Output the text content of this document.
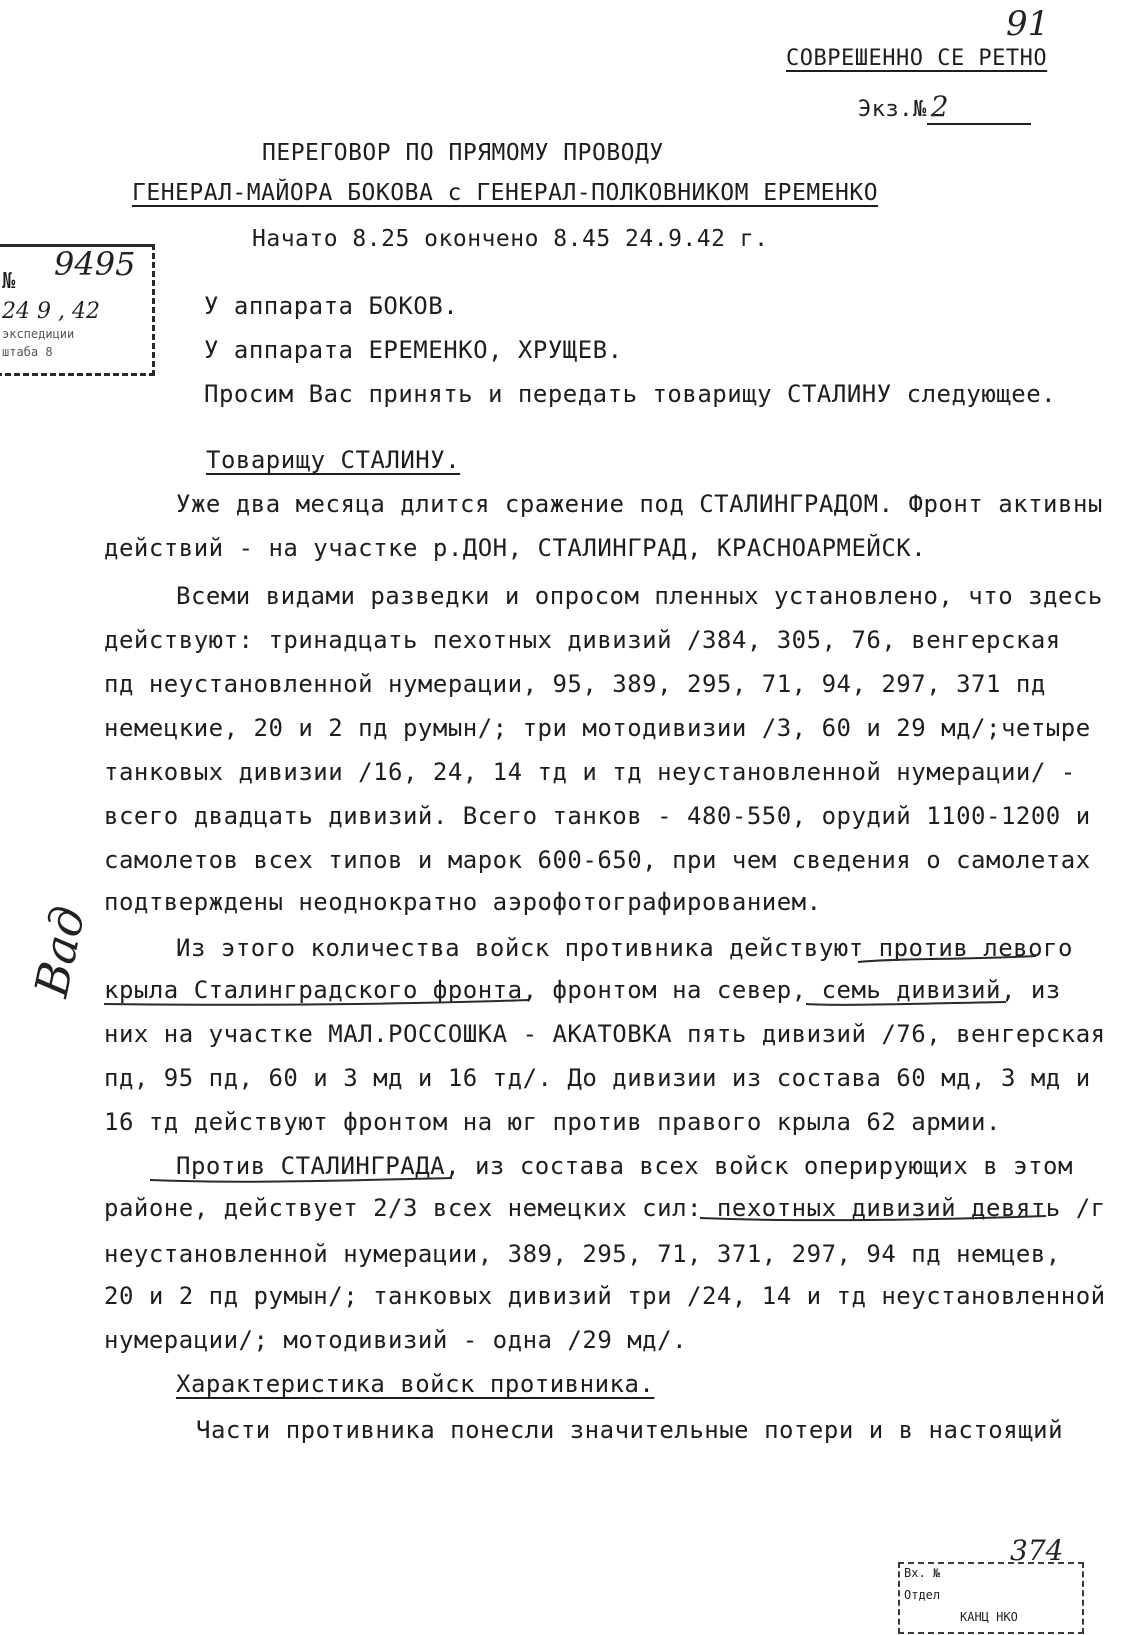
91
СОВРЕШЕННО СЕ РЕТНО
Экз.№ 2
ПЕРЕГОВОР ПО ПРЯМОМУ ПРОВОДУ
ГЕНЕРАЛ-МАЙОРА БОКОВА с ГЕНЕРАЛ-ПОЛКОВНИКОМ ЕРЕМЕНКО
Начато 8.25 окончено 8.45 24.9.42 г.
9495
№
24 9 , 42
экспедиции
штаба 8
У аппарата БОКОВ.
У аппарата ЕРЕМЕНКО, ХРУЩЕВ.
Просим Вас принять и передать товарищу СТАЛИНУ следующее.
Товарищу СТАЛИНУ.
Уже два месяца длится сражение под СТАЛИНГРАДОМ. Фронт активны
действий - на участке р.ДОН, СТАЛИНГРАД, КРАСНОАРМЕЙСК.
Всеми видами разведки и опросом пленных установлено, что здесь
действуют: тринадцать пехотных дивизий /384, 305, 76, венгерская
пд неустановленной нумерации, 95, 389, 295, 71, 94, 297, 371 пд
немецкие, 20 и 2 пд румын/; три мотодивизии /3, 60 и 29 мд/;четыре
танковых дивизии /16, 24, 14 тд и тд неустановленной нумерации/ -
всего двадцать дивизий. Всего танков - 480-550, орудий 1100-1200 и
самолетов всех типов и марок 600-650, при чем сведения о самолетах
подтверждены неоднократно аэрофотографированием.
Из этого количества войск противника действуют против левого
крыла Сталинградского фронта, фронтом на север, семь дивизий, из
них на участке МАЛ.РОССОШКА - АКАТОВКА пять дивизий /76, венгерская
пд, 95 пд, 60 и 3 мд и 16 тд/. До дивизии из состава 60 мд, 3 мд и
16 тд действуют фронтом на юг против правого крыла 62 армии.
Против СТАЛИНГРАДА, из состава всех войск оперирующих в этом
районе, действует 2/3 всех немецких сил: пехотных дивизий девять /г
неустановленной нумерации, 389, 295, 71, 371, 297, 94 пд немцев,
20 и 2 пд румын/; танковых дивизий три /24, 14 и тд неустановленной
нумерации/; мотодивизий - одна /29 мд/.
Характеристика войск противника.
Части противника понесли значительные потери и в настоящий
Вад
Вх. №
Отдел
КАНЦ НКО
374
